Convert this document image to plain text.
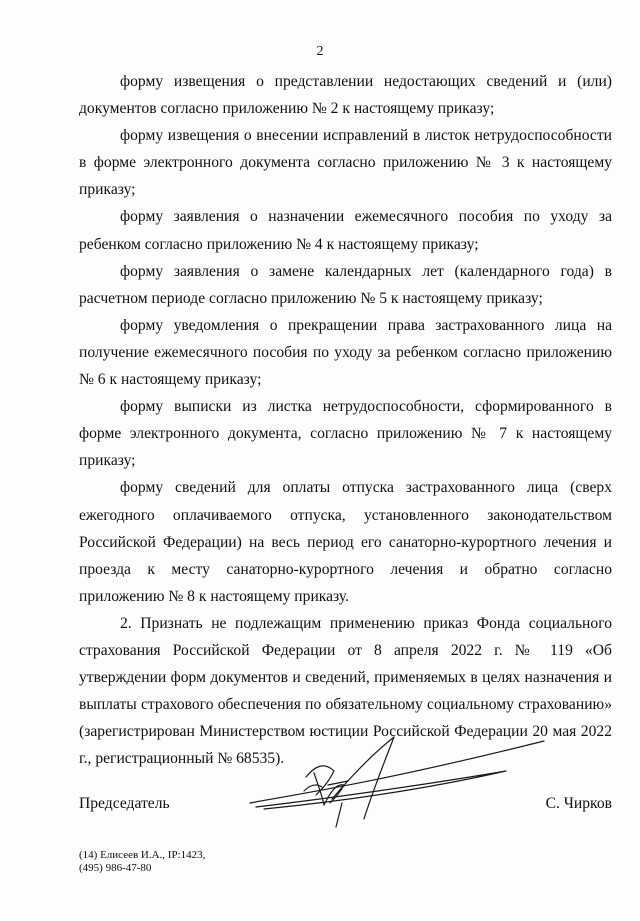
2

форму извещения о представлении недостающих сведений и (или) документов согласно приложению № 2 к настоящему приказу;

форму извещения о внесении исправлений в листок нетрудоспособности в форме электронного документа согласно приложению № 3 к настоящему приказу;

форму заявления о назначении ежемесячного пособия по уходу за ребенком согласно приложению № 4 к настоящему приказу;

форму заявления о замене календарных лет (календарного года) в расчетном периоде согласно приложению № 5 к настоящему приказу;

форму уведомления о прекращении права застрахованного лица на получение ежемесячного пособия по уходу за ребенком согласно приложению № 6 к настоящему приказу;

форму выписки из листка нетрудоспособности, сформированного в форме электронного документа, согласно приложению № 7 к настоящему приказу;

форму сведений для оплаты отпуска застрахованного лица (сверх ежегодного оплачиваемого отпуска, установленного законодательством Российской Федерации) на весь период его санаторно-курортного лечения и проезда к месту санаторно-курортного лечения и обратно согласно приложению № 8 к настоящему приказу.

2. Признать не подлежащим применению приказ Фонда социального страхования Российской Федерации от 8 апреля 2022 г. № 119 «Об утверждении форм документов и сведений, применяемых в целях назначения и выплаты страхового обеспечения по обязательному социальному страхованию» (зарегистрирован Министерством юстиции Российской Федерации 20 мая 2022 г., регистрационный № 68535).

Председатель	С. Чирков
(14) Елисеев И.А., IP:1423,
(495) 986-47-80
